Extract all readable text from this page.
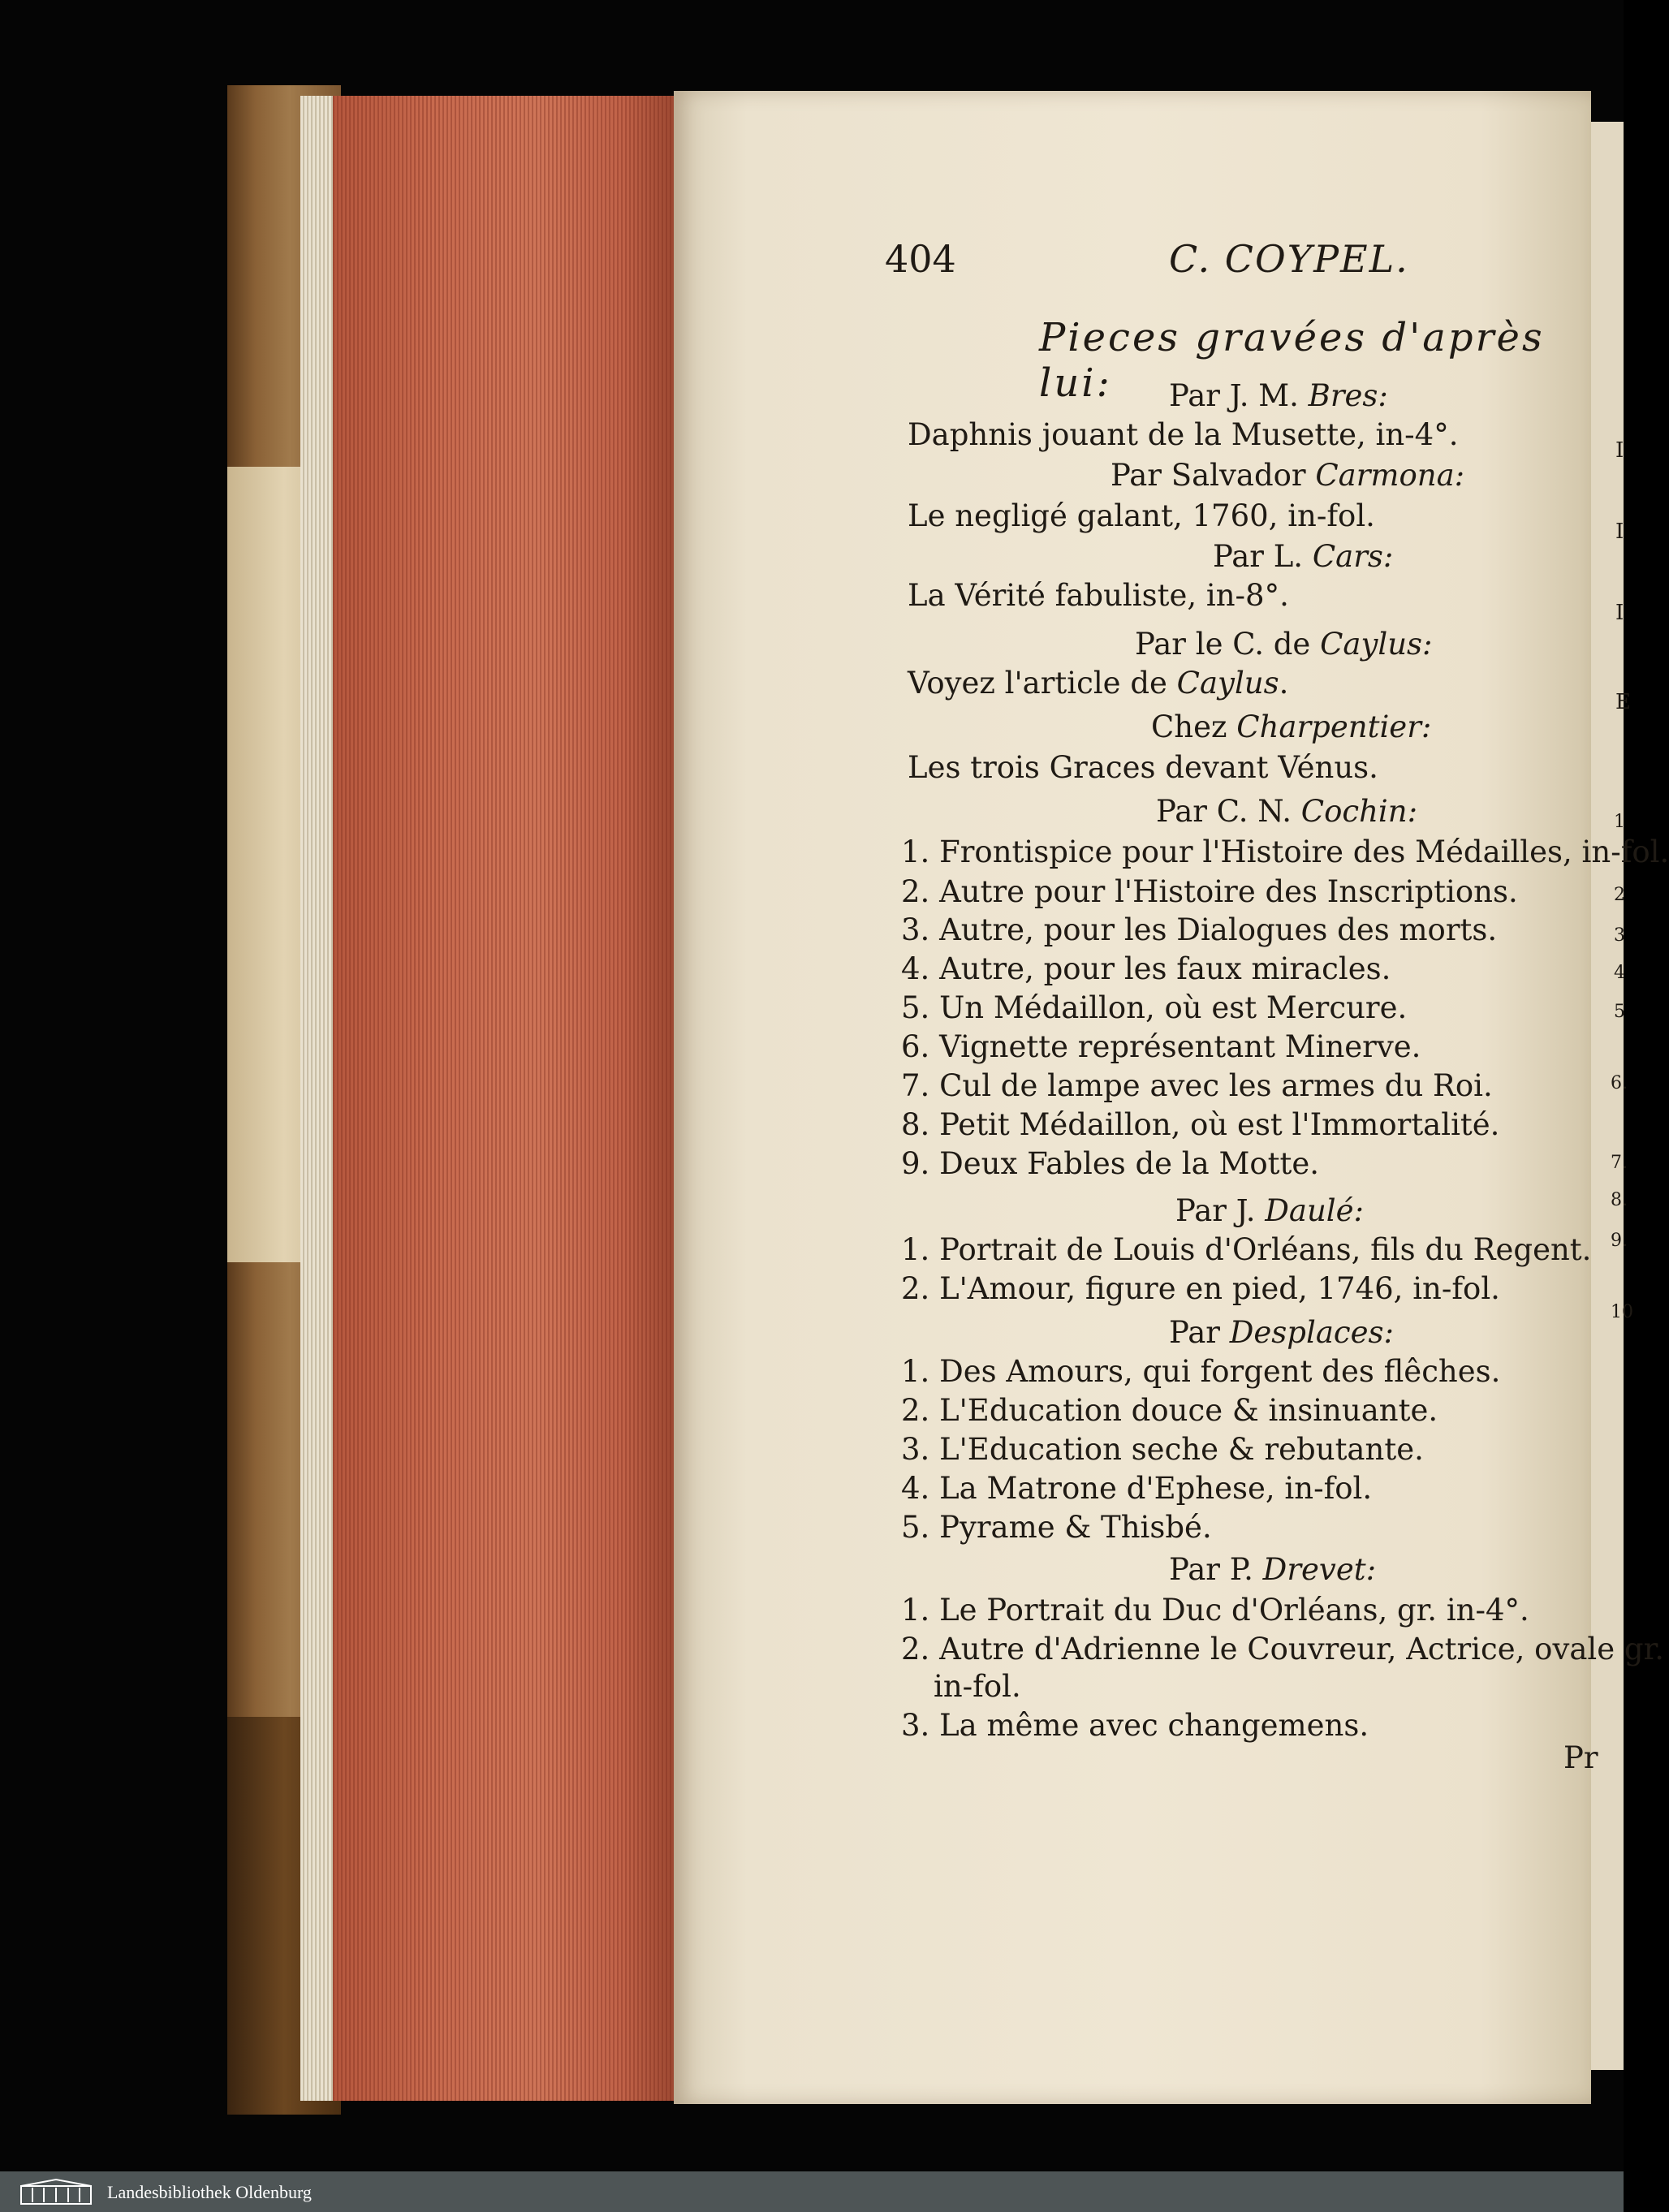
404	C. COYPEL.
Pieces gravées d'après lui:	Par J. M. Bres:
Daphnis jouant de la Musette, in-4°.
Par Salvador Carmona:
Le negligé galant, 1760, in-fol.
Par L. Cars:
La Vérité fabuliste, in-8°.
Par le C. de Caylus:
Voyez l'article de Caylus.
Chez Charpentier:
Les trois Graces devant Vénus.
Par C. N. Cochin:
1. Frontispice pour l'Histoire des Médailles, in-fol.
2. Autre pour l'Histoire des Inscriptions.
3. Autre, pour les Dialogues des morts.
4. Autre, pour les faux miracles.
5. Un Médaillon, où est Mercure.
6. Vignette représentant Minerve.
7. Cul de lampe avec les armes du Roi.
8. Petit Médaillon, où est l'Immortalité.
9. Deux Fables de la Motte.
Par J. Daulé:
1. Portrait de Louis d'Orléans, fils du Regent.
2. L'Amour, figure en pied, 1746, in-fol.
Par Desplaces:
1. Des Amours, qui forgent des flêches.
2. L'Education douce & insinuante.
3. L'Education seche & rebutante.
4. La Matrone d'Ephese, in-fol.
5. Pyrame & Thisbé.
Par P. Drevet:
1. Le Portrait du Duc d'Orléans, gr. in-4°.
2. Autre d'Adrienne le Couvreur, Actrice, ovale gr.
in-fol.
3. La même avec changemens.
Pr
I
I
I
E
1
2
3
4
5
6.
7.
8.
9.
10
Landesbibliothek Oldenburg
